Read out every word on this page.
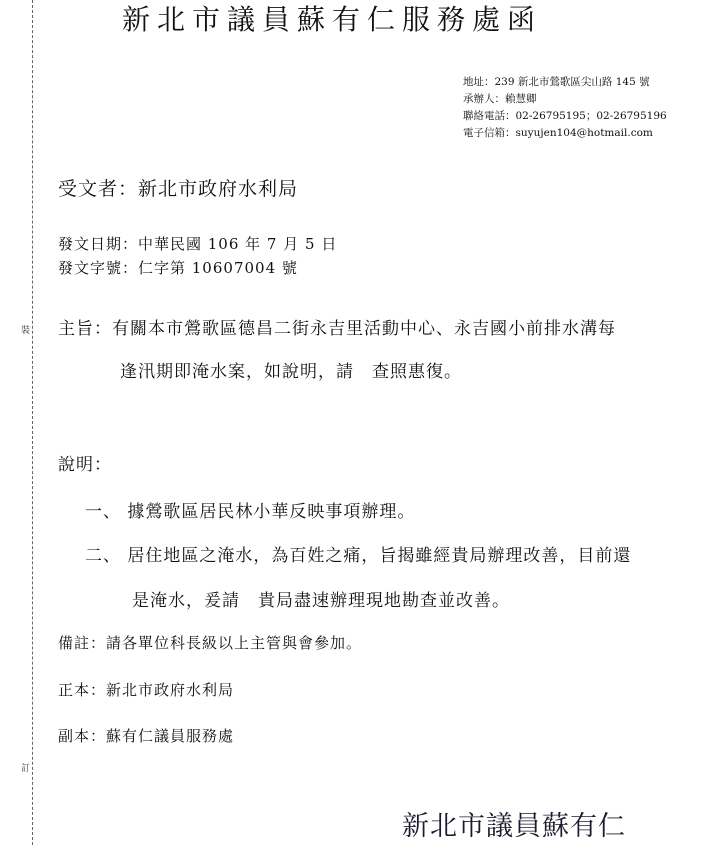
裝
訂
新北市議員蘇有仁服務處函
地址：239 新北市鶯歌區尖山路 145 號
承辦人：賴慧卿
聯絡電話：02-26795195；02-26795196
電子信箱：suyujen104@hotmail.com
受文者：新北市政府水利局
發文日期：中華民國 106 年 7 月 5 日
發文字號：仁字第 10607004 號
主旨：有關本市鶯歌區德昌二街永吉里活動中心、永吉國小前排水溝每
逢汛期即淹水案，如說明，請　查照惠復。
說明：
一、 據鶯歌區居民林小華反映事項辦理。
二、 居住地區之淹水，為百姓之痛，旨揭雖經貴局辦理改善，目前還
是淹水，爰請　貴局盡速辦理現地勘查並改善。
備註：請各單位科長級以上主管與會參加。
正本：新北市政府水利局
副本：蘇有仁議員服務處
新北市議員蘇有仁
